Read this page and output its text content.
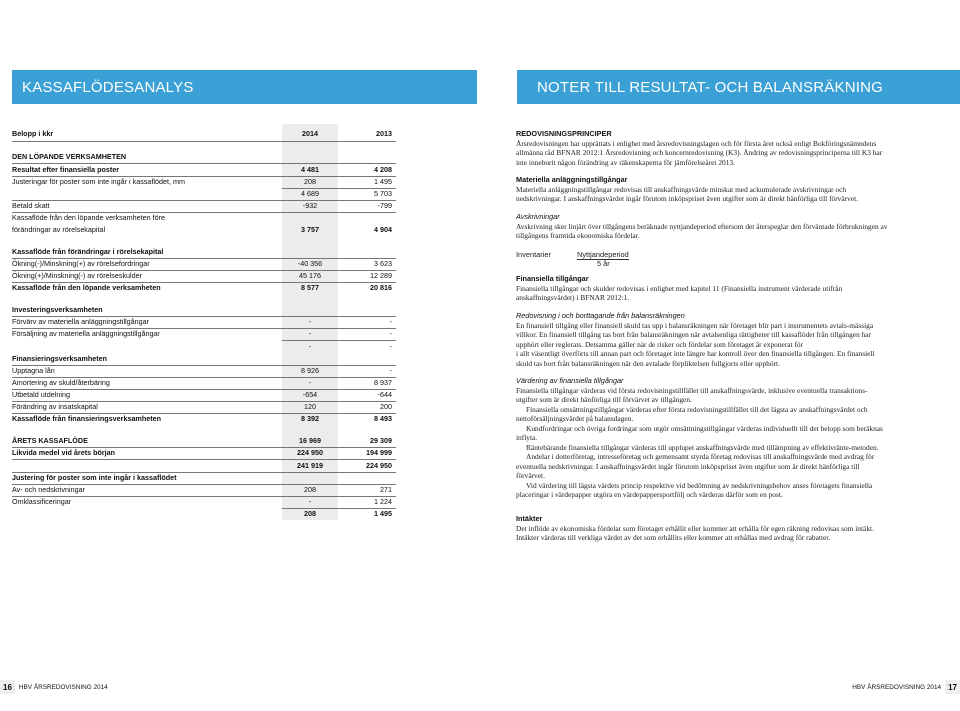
KASSAFLÖDESANALYS	NOTER TILL RESULTAT- OCH BALANSRÄKNING
Belopp i kkr	2014	2013
DEN LÖPANDE VERKSAMHETEN
Resultat efter finansiella poster	4 481	4 208
Justeringar för poster som inte ingår i kassaflödet, mm	208	1 495
4 689	5 703
Betald skatt	-932	-799
Kassaflöde från den löpande verksamheten före
förändringar av rörelsekapital	3 757	4 904
Kassaflöde från förändringar i rörelsekapital
Ökning(-)/Minskning(+) av rörelsefordringar	-40 356	3 623
Ökning(+)/Minskning(-) av rörelseskulder	45 176	12 289
Kassaflöde från den löpande verksamheten	8 577	20 816
Investeringsverksamheten
Förvärv av materiella anläggningstillgångar	-	-
Försäljning av materiella anläggningstillgångar	-	-
-	-
Finansieringsverksamheten
Upptagna lån	8 926	-
Amortering av skuld/återbäring	-	8 937
Utbetald utdelning	-654	-644
Förändring av insatskapital	120	200
Kassaflöde från finansieringsverksamheten	8 392	8 493
ÅRETS KASSAFLÖDE	16 969	29 309
Likvida medel vid årets början	224 950	194 999
241 919	224 950
Justering för poster som inte ingår i kassaflödet
Av- och nedskrivningar	208	271
Omklassificeringar	-	1 224
208	1 495

REDOVISNINGSPRINCIPER

Årsredovisningen har upprättats i enlighet med årsredovisningslagen och för första året också enligt Bokföringsnämndens allmänna råd BFNAR 2012:1 Årsredovisning och koncernredovisning (K3). Ändring av redovisningsprinciperna till K3 har inte inneburit någon förändring av räkenskaperna för jämförelseåret 2013.

Materiella anläggningstillgångar

Materiella anläggningstillgångar redovisas till anskaffningsvärde minskat med ackumulerade avskrivningar och nedskrivningar. I anskaffningsvärdet ingår förutom inköpspriset även utgifter som är direkt hänförliga till förvärvet.

Avskrivningar

Avskrivning sker linjärt över tillgångens beräknade nyttjandeperiod eftersom det återspeglar den förväntade förbrukningen av tillgångens framtida ekonomiska fördelar.

Inventarier	Nyttjandeperiod
5 år

Finansiella tillgångar

Finansiella tillgångar och skulder redovisas i enlighet med kapitel 11 (Finansiella instrument värderade utifrån anskaffningsvärdet) i BFNAR 2012:1.

Redovisning i och borttagande från balansräkningen

En finansiell tillgång eller finansiell skuld tas upp i balansräkningen när företaget blir part i instrumentets avtals-mässiga villkor. En finansiell tillgång tas bort från balansräkningen när avtalsenliga rättigheter till kassaflödet från tillgången har upphört eller reglerats. Detsamma gäller när de risker och fördelar som företaget är exponerat för

i allt väsentligt överförts till annan part och företaget inte längre har kontroll över den finansiella tillgången. En finansiell skuld tas bort från balansräkningen när den avtalade förpliktelsen fullgjorts eller upphört.

Värdering av finansiella tillgångar

Finansiella tillgångar värderas vid första redovisningstillfället till anskaffningsvärde, inklusive eventuella transaktions-utgifter som är direkt hänförliga till förvärvet av tillgången.

Finansiella omsättningstillgångar värderas efter första redovisningstillfället till det lägsta av anskaffningsvärdet och nettoförsäljningsvärdet på balansdagen.

Kundfordringar och övriga fordringar som utgör omsättningstillgångar värderas individuellt till det belopp som beräknas inflyta.

Räntebärande finansiella tillgångar värderas till upplupet anskaffningsvärde med tillämpning av effektivränte-metoden.

Andelar i dotterföretag, intresseföretag och gemensamt styrda företag redovisas till anskaffningsvärde med avdrag för eventuella nedskrivningar. I anskaffningsvärdet ingår förutom inköpspriset även utgifter som är direkt hänförliga till förvärvet.

Vid värdering till lägsta värdets princip respektive vid bedömning av nedskrivningsbehov anses företagets finansiella placeringar i värdepapper utgöra en värdepappersportfölj och värderas därför som en post.

Intäkter

Det inflöde av ekonomiska fördelar som företaget erhållit eller kommer att erhålla för egen räkning redovisas som intäkt. Intäkter värderas till verkliga värdet av det som erhållits eller kommer att erhållas med avdrag för rabatter.

16	HBV ÅRSREDOVISNING 2014	HBV ÅRSREDOVISNING 2014 17
